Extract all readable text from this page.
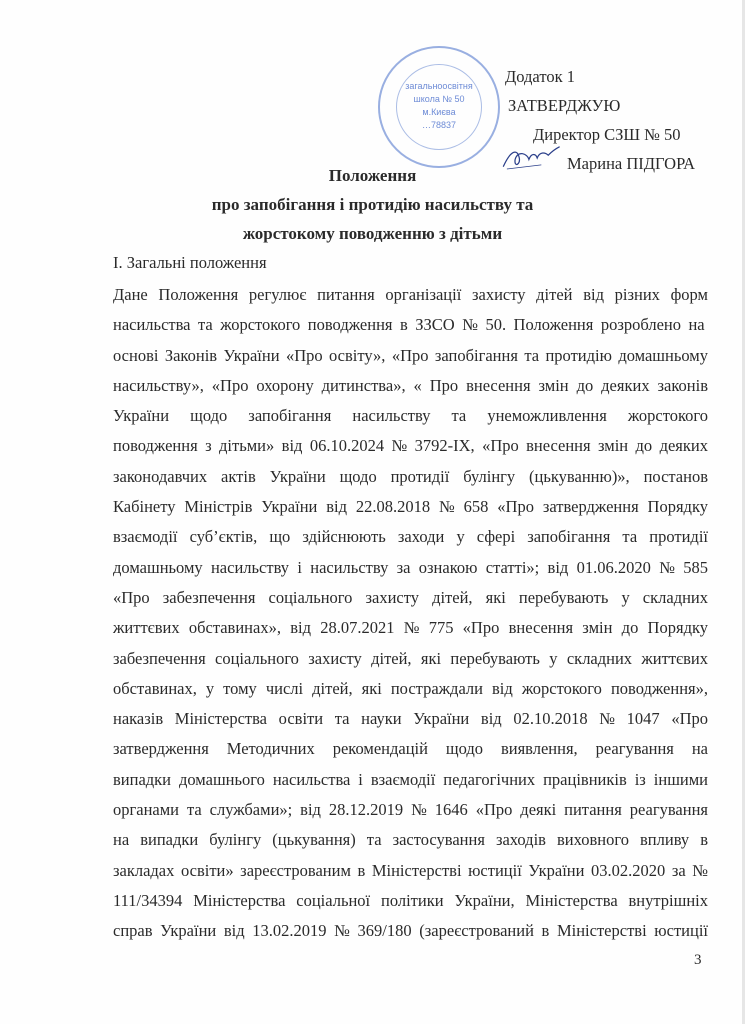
загальноосвітня
школа № 50
м.Києва
…78837
Додаток 1
ЗАТВЕРДЖУЮ
Директор СЗШ № 50
Марина ПІДГОРА
Положення
про запобігання і протидію насильству та
жорстокому поводженню з дітьми
І. Загальні положення
Дане Положення регулює питання організації захисту дітей від різних форм
насильства та жорстокого поводження в ЗЗСО № 50. Положення розроблено на
основі Законів України «Про освіту», «Про запобігання та протидію домашньому
насильству», «Про охорону дитинства», « Про внесення змін до деяких законів
України щодо запобігання насильству та унеможливлення жорстокого
поводження з дітьми» від 06.10.2024 № 3792-IX, «Про внесення змін до деяких
законодавчих актів України щодо протидії булінгу (цькуванню)», постанов
Кабінету Міністрів України від 22.08.2018 № 658 «Про затвердження Порядку
взаємодії суб’єктів, що здійснюють заходи у сфері запобігання та протидії
домашньому насильству і насильству за ознакою статті»; від 01.06.2020 № 585
«Про забезпечення соціального захисту дітей, які перебувають у складних
життєвих обставинах», від 28.07.2021 № 775 «Про внесення змін до Порядку
забезпечення соціального захисту дітей, які перебувають у складних життєвих
обставинах, у тому числі дітей, які постраждали від жорстокого поводження»,
наказів Міністерства освіти та науки України від 02.10.2018 № 1047 «Про
затвердження Методичних рекомендацій щодо виявлення, реагування на
випадки домашнього насильства і взаємодії педагогічних працівників із іншими
органами та службами»; від 28.12.2019 № 1646 «Про деякі питання реагування
на випадки булінгу (цькування) та застосування заходів виховного впливу в
закладах освіти» зареєстрованим в Міністерстві юстиції України 03.02.2020 за №
111/34394 Міністерства соціальної політики України, Міністерства внутрішніх
справ України від 13.02.2019 № 369/180 (зареєстрований в Міністерстві юстиції
3
